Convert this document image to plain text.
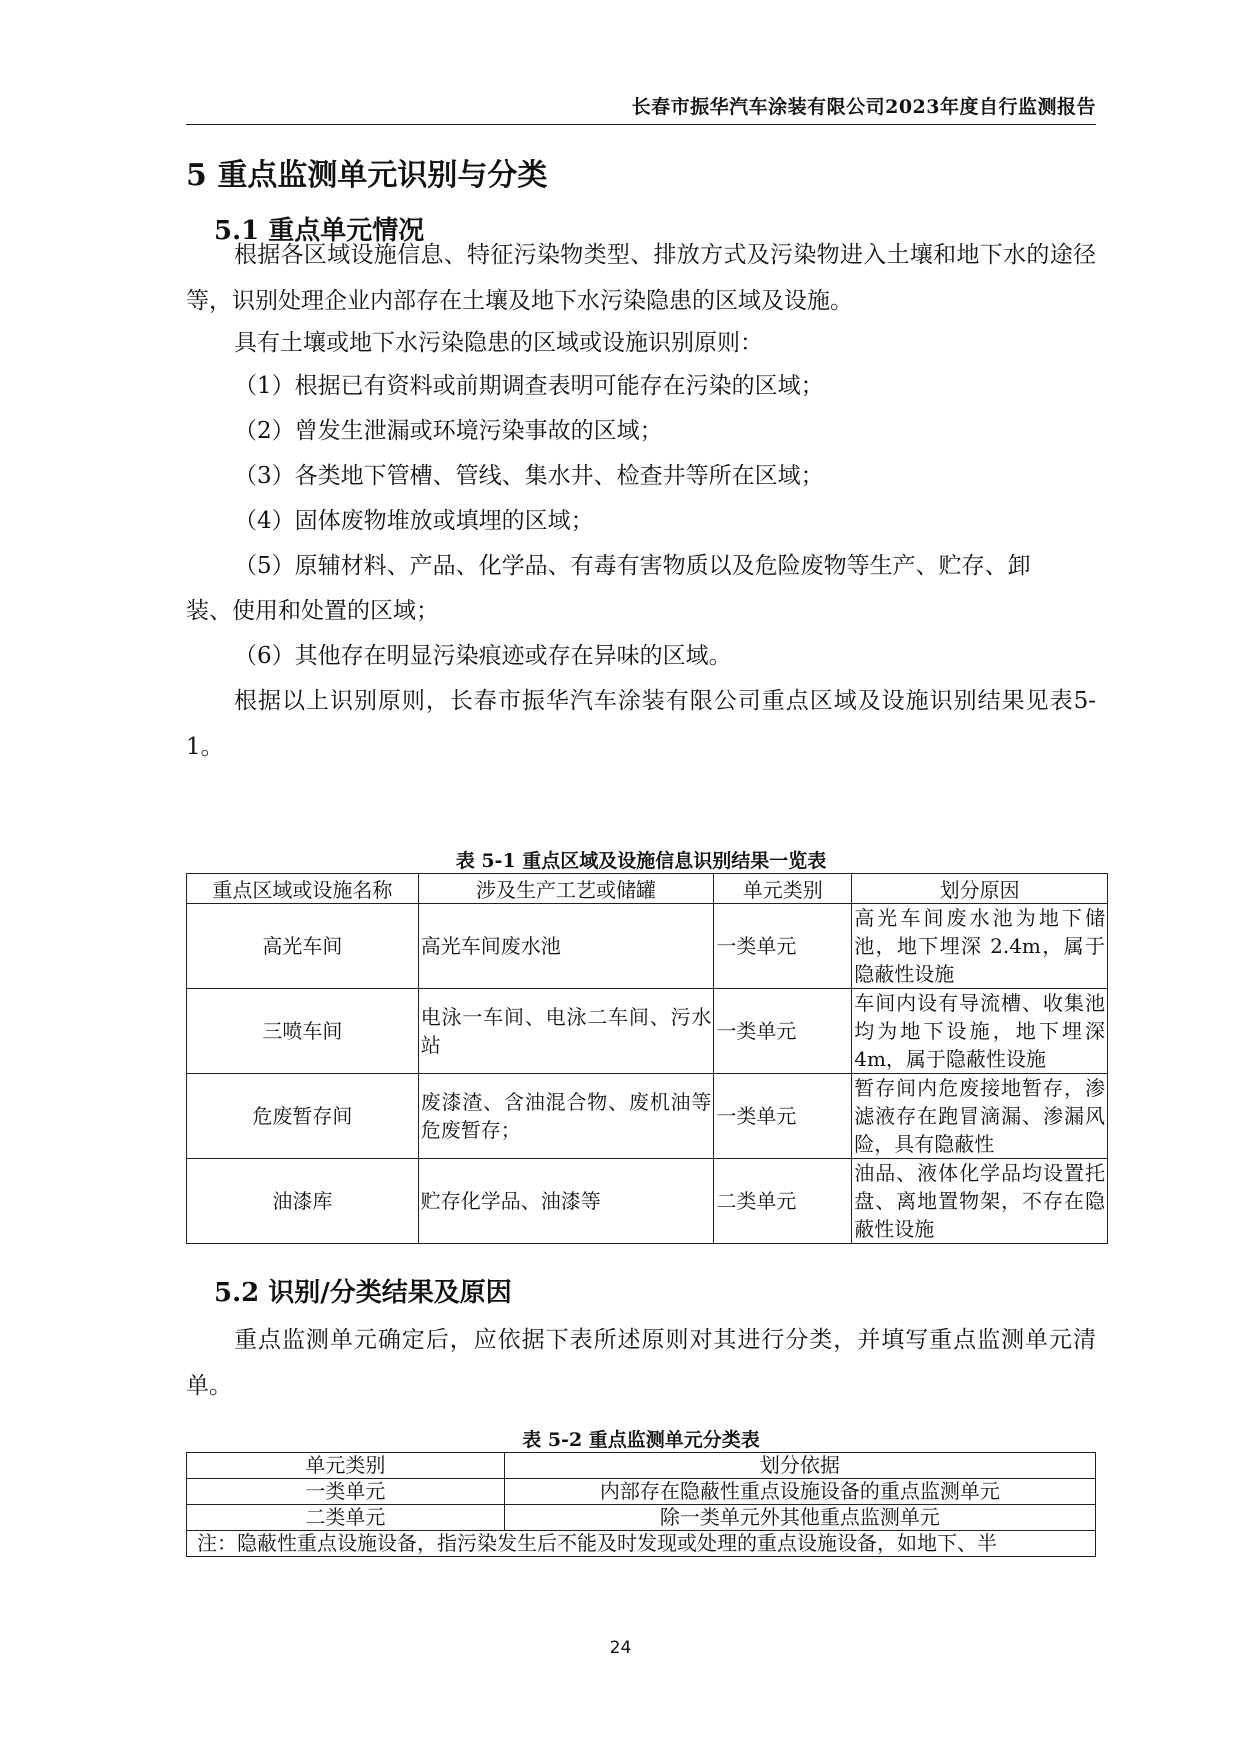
长春市振华汽车涂装有限公司2023年度自行监测报告
5 重点监测单元识别与分类
5.1 重点单元情况

根据各区域设施信息、特征污染物类型、排放方式及污染物进入土壤和地下水的途径等，识别处理企业内部存在土壤及地下水污染隐患的区域及设施。

具有土壤或地下水污染隐患的区域或设施识别原则：

（1）根据已有资料或前期调查表明可能存在污染的区域；

（2）曾发生泄漏或环境污染事故的区域；

（3）各类地下管槽、管线、集水井、检查井等所在区域；

（4）固体废物堆放或填埋的区域；

（5）原辅材料、产品、化学品、有毒有害物质以及危险废物等生产、贮存、卸

装、使用和处置的区域；

（6）其他存在明显污染痕迹或存在异味的区域。

根据以上识别原则，长春市振华汽车涂装有限公司重点区域及设施识别结果见表5-1。

表 5-1 重点区域及设施信息识别结果一览表

重点区域或设施名称	涉及生产工艺或储罐	单元类别	划分原因
高光车间	高光车间废水池	一类单元	高光车间废水池为地下储池，地下埋深 2.4m，属于隐蔽性设施
三喷车间	电泳一车间、电泳二车间、污水站	一类单元	车间内设有导流槽、收集池均为地下设施，地下埋深 4m，属于隐蔽性设施
危废暂存间	废漆渣、含油混合物、废机油等危废暂存；	一类单元	暂存间内危废接地暂存，渗滤液存在跑冒滴漏、渗漏风险，具有隐蔽性
油漆库	贮存化学品、油漆等	二类单元	油品、液体化学品均设置托盘、离地置物架，不存在隐蔽性设施
5.2 识别/分类结果及原因

重点监测单元确定后，应依据下表所述原则对其进行分类，并填写重点监测单元清单。

表 5-2 重点监测单元分类表

单元类别	划分依据
一类单元	内部存在隐蔽性重点设施设备的重点监测单元
二类单元	除一类单元外其他重点监测单元
注：隐蔽性重点设施设备，指污染发生后不能及时发现或处理的重点设施设备，如地下、半	
24
